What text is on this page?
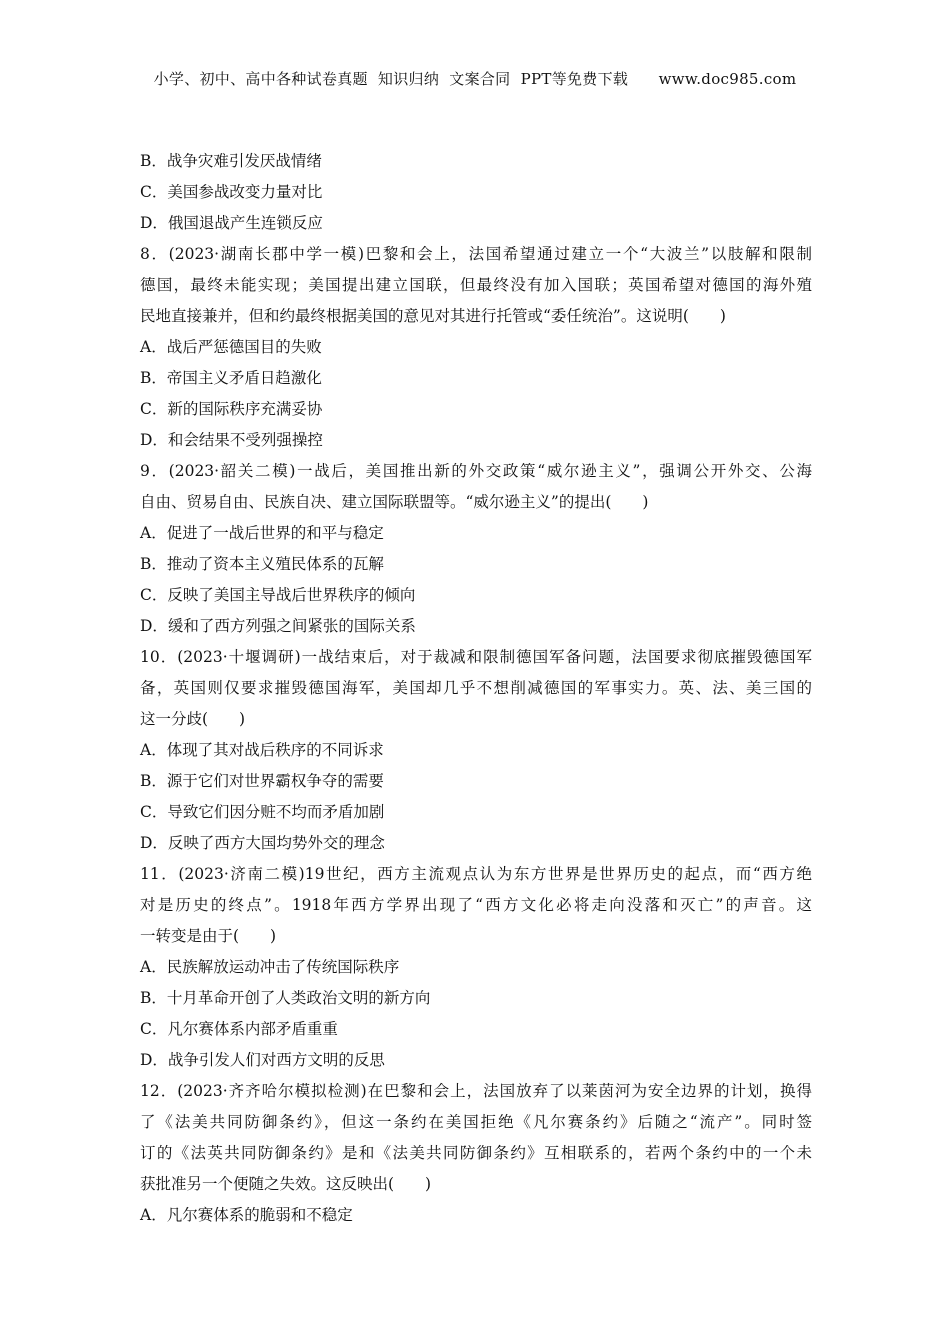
小学、初中、高中各种试卷真题  知识归纳  文案合同  PPT等免费下载      www.doc985.com
B．战争灾难引发厌战情绪
C．美国参战改变力量对比
D．俄国退战产生连锁反应
8．(2023·湖南长郡中学一模)巴黎和会上，法国希望通过建立一个“大波兰”以肢解和限制
德国，最终未能实现；美国提出建立国联，但最终没有加入国联；英国希望对德国的海外殖
民地直接兼并，但和约最终根据美国的意见对其进行托管或“委任统治”。这说明(　　)
A．战后严惩德国目的失败
B．帝国主义矛盾日趋激化
C．新的国际秩序充满妥协
D．和会结果不受列强操控
9．(2023·韶关二模)一战后，美国推出新的外交政策“威尔逊主义”，强调公开外交、公海
自由、贸易自由、民族自决、建立国际联盟等。“威尔逊主义”的提出(　　)
A．促进了一战后世界的和平与稳定
B．推动了资本主义殖民体系的瓦解
C．反映了美国主导战后世界秩序的倾向
D．缓和了西方列强之间紧张的国际关系
10．(2023·十堰调研)一战结束后，对于裁减和限制德国军备问题，法国要求彻底摧毁德国军
备，英国则仅要求摧毁德国海军，美国却几乎不想削减德国的军事实力。英、法、美三国的
这一分歧(　　)
A．体现了其对战后秩序的不同诉求
B．源于它们对世界霸权争夺的需要
C．导致它们因分赃不均而矛盾加剧
D．反映了西方大国均势外交的理念
11．(2023·济南二模)19世纪，西方主流观点认为东方世界是世界历史的起点，而“西方绝
对是历史的终点”。1918年西方学界出现了“西方文化必将走向没落和灭亡”的声音。这
一转变是由于(　　)
A．民族解放运动冲击了传统国际秩序
B．十月革命开创了人类政治文明的新方向
C．凡尔赛体系内部矛盾重重
D．战争引发人们对西方文明的反思
12．(2023·齐齐哈尔模拟检测)在巴黎和会上，法国放弃了以莱茵河为安全边界的计划，换得
了《法美共同防御条约》，但这一条约在美国拒绝《凡尔赛条约》后随之“流产”。同时签
订的《法英共同防御条约》是和《法美共同防御条约》互相联系的，若两个条约中的一个未
获批准另一个便随之失效。这反映出(　　)
A．凡尔赛体系的脆弱和不稳定
